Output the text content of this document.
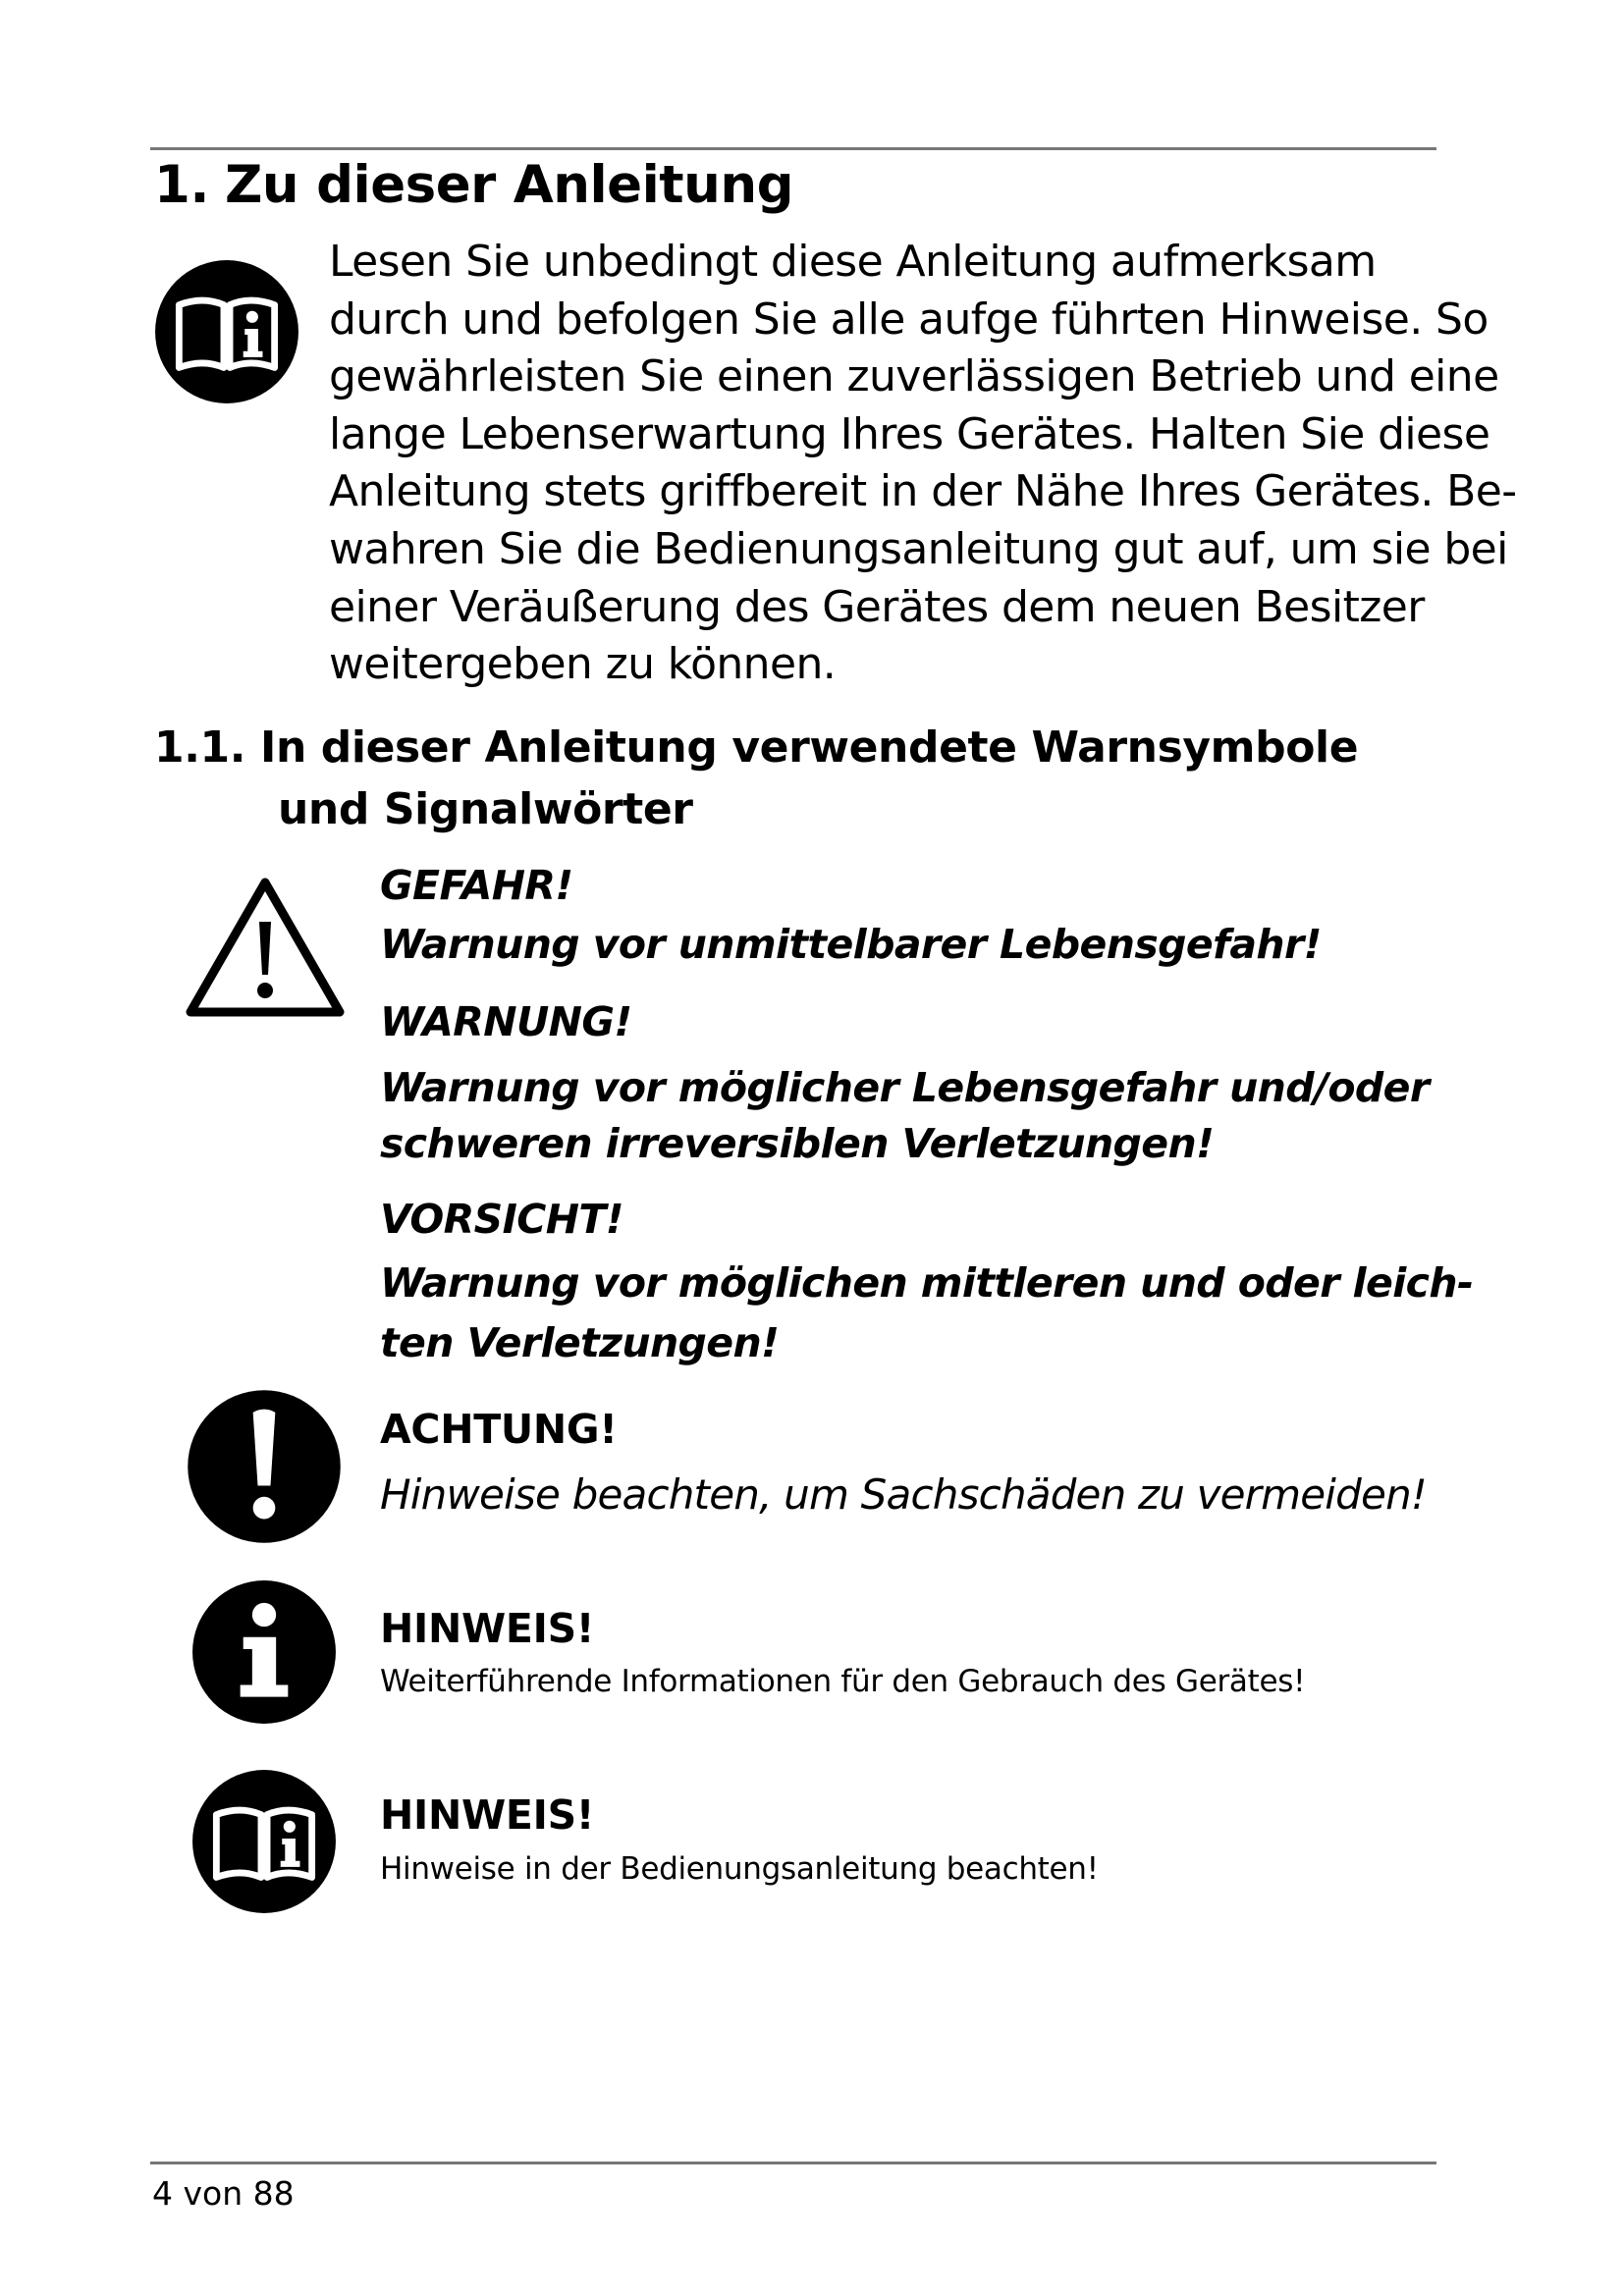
1. Zu dieser Anleitung
Lesen Sie unbedingt diese Anleitung aufmerksam
durch und befolgen Sie alle aufge führten Hinweise. So
gewährleisten Sie einen zuverlässigen Betrieb und eine
lange Lebenserwartung Ihres Gerätes. Halten Sie diese
Anleitung stets griffbereit in der Nähe Ihres Gerätes. Be-
wahren Sie die Bedienungsanleitung gut auf, um sie bei
einer Veräußerung des Gerätes dem neuen Besitzer
weitergeben zu können.
1.1. In dieser Anleitung verwendete Warnsymbole
und Signalwörter
GEFAHR!
Warnung vor unmittelbarer Lebensgefahr!
WARNUNG!
Warnung vor möglicher Lebensgefahr und/oder
schweren irreversiblen Verletzungen!
VORSICHT!
Warnung vor möglichen mittleren und oder leich-
ten Verletzungen!
ACHTUNG!
Hinweise beachten, um Sachschäden zu vermeiden!
HINWEIS!
Weiterführende Informationen für den Gebrauch des Gerätes!
HINWEIS!
Hinweise in der Bedienungsanleitung beachten!
4 von 88
